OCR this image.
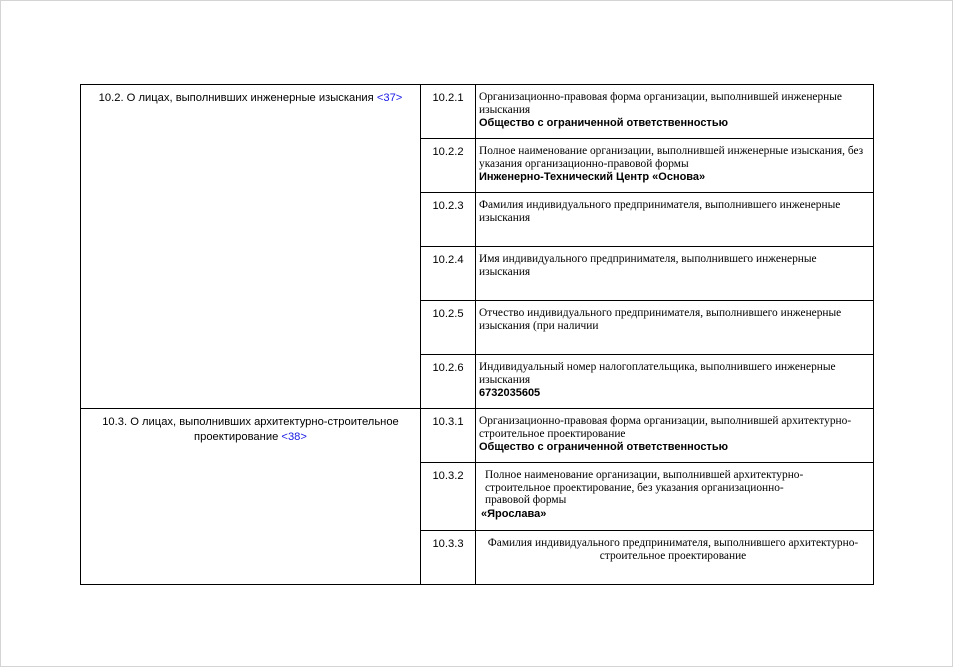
10.2. О лицах, выполнивших инженерные изыскания <37>	10.2.1	Организационно-правовая форма организации, выполнившей инженерные изыскания
Общество с ограниченной ответственностью

	10.2.2	Полное наименование организации, выполнившей инженерные изыскания, без указания организационно-правовой формы
Инженерно-Технический Центр «Основа»

	10.2.3	Фамилия индивидуального предпринимателя, выполнившего инженерные изыскания

	10.2.4	Имя индивидуального предпринимателя, выполнившего инженерные изыскания

	10.2.5	Отчество индивидуального предпринимателя, выполнившего инженерные изыскания (при наличии

	10.2.6	Индивидуальный номер налогоплательщика, выполнившего инженерные изыскания
6732035605

10.3. О лицах, выполнивших архитектурно-строительное проектирование <38>	10.3.1	Организационно-правовая форма организации, выполнившей архитектурно-строительное проектирование
Общество с ограниченной ответственностью

	10.3.2	Полное наименование организации, выполнившей архитектурно-строительное проектирование, без указания организационно-правовой формы
«Ярослава»

	10.3.3	Фамилия индивидуального предпринимателя, выполнившего архитектурно-строительное проектирование
